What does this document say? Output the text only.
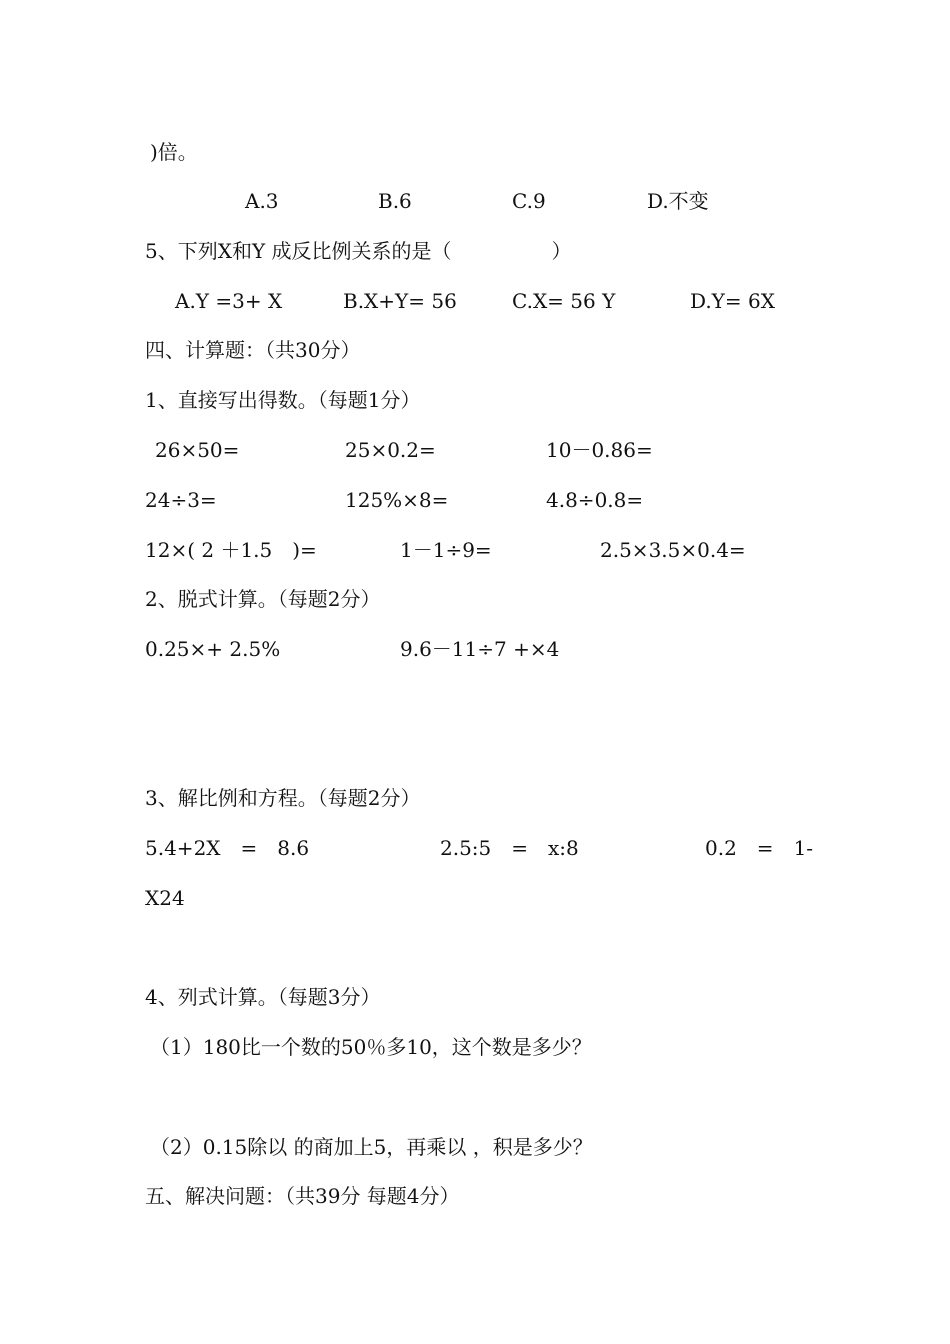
)倍。
A.3	B.6	C.9	D.不变
5、下列X和Y 成反比例关系的是（　　　　　）
A.Y =3+ X	B.X+Y= 56	C.X= 56 Y	D.Y= 6X
四、计算题：（共30分）
1、直接写出得数。（每题1分）
26×50=	25×0.2=	10－0.86=
24÷3=	125%×8=	4.8÷0.8=
12×( 2 ＋1.5　)=	1－1÷9=	2.5×3.5×0.4=
2、脱式计算。（每题2分）
0.25×+ 2.5%	9.6－11÷7 +×4
3、解比例和方程。（每题2分）
5.4+2X　=　8.6	2.5:5　=　x:8	0.2　=　1-
X24
4、列式计算。（每题3分）
（1）180比一个数的50％多10，这个数是多少？
（2）0.15除以 的商加上5，再乘以 ，积是多少？
五、解决问题：（共39分 每题4分）
